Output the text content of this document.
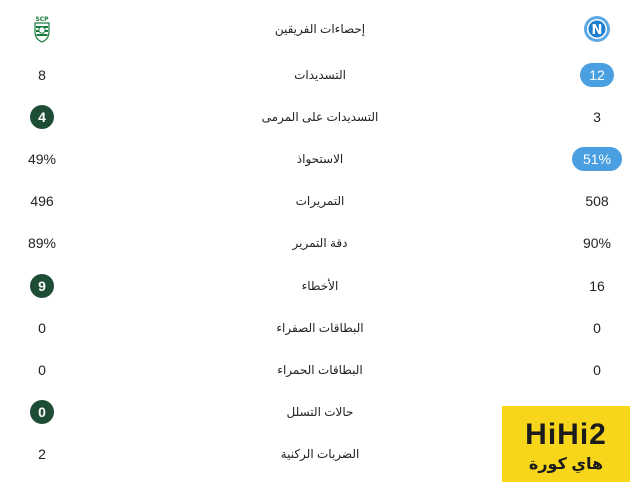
N
إحصاءات الفريقين
SCP
12
التسديدات
8
3
التسديدات على المرمى
4
51%
الاستحواذ
49%
508
التمريرات
496
90%
دقة التمرير
89%
16
الأخطاء
9
0
البطاقات الصفراء
0
0
البطاقات الحمراء
0
حالات التسلل
0
الضربات الركنية
2
HiHi2
هاي كورة
